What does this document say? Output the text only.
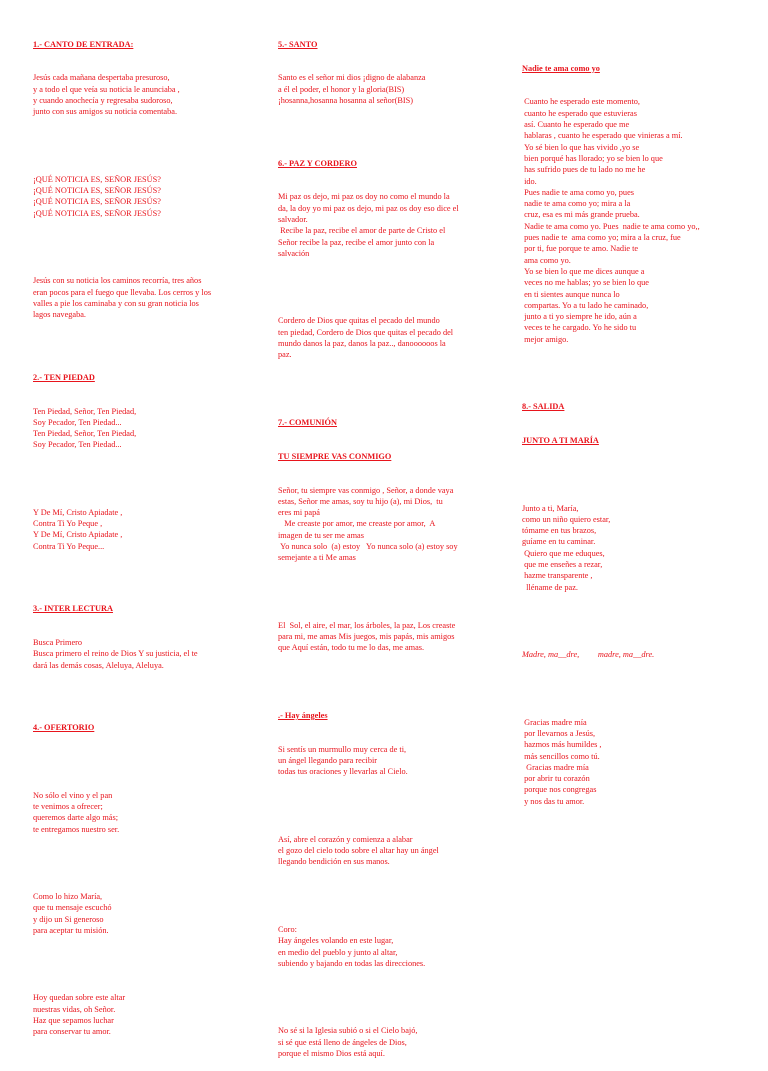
1.- CANTO DE ENTRADA:

Jesús cada mañana despertaba presuroso,
y a todo el que veía su noticia le anunciaba ,
y cuando anochecía y regresaba sudoroso,
junto con sus amigos su noticia comentaba.

¡QUÉ NOTICIA ES, SEÑOR JESÚS?
¡QUÉ NOTICIA ES, SEÑOR JESÚS?
¡QUÉ NOTICIA ES, SEÑOR JESÚS?
¡QUÉ NOTICIA ES, SEÑOR JESÚS?

Jesús con su noticia los caminos recorría, tres años
eran pocos para el fuego que llevaba. Los cerros y los
valles a pie los caminaba y con su gran noticia los
lagos navegaba.

2.- TEN PIEDAD

Ten Piedad, Señor, Ten Piedad,
Soy Pecador, Ten Piedad...
Ten Piedad, Señor, Ten Piedad,
Soy Pecador, Ten Piedad...

Y De Mí, Cristo Apiadate ,
Contra Ti Yo Peque ,
Y De Mí, Cristo Apiadate ,
Contra Ti Yo Peque...

3.- INTER LECTURA

Busca Primero
Busca primero el reino de Dios Y su justicia, el te
dará las demás cosas, Aleluya, Aleluya.

4.- OFERTORIO

No sólo el vino y el pan
te venimos a ofrecer;
queremos darte algo más;
te entregamos nuestro ser.

Como lo hizo María,
que tu mensaje escuchó
y dijo un Si generoso
para aceptar tu misión.

Hoy quedan sobre este altar
nuestras vidas, oh Señor.
Haz que sepamos luchar
para conservar tu amor.

5.- SANTO

Santo es el señor mi dios ¡digno de alabanza
a él el poder, el honor y la gloria(BIS)
¡hosanna,hosanna hosanna al señor(BIS)

6.- PAZ Y CORDERO

Mi paz os dejo, mi paz os doy no como el mundo la
da, la doy yo mi paz os dejo, mi paz os doy eso dice el
salvador.
Recibe la paz, recibe el amor de parte de Cristo el
Señor recibe la paz, recibe el amor junto con la
salvación

Cordero de Dios que quitas el pecado del mundo
ten piedad, Cordero de Dios que quitas el pecado del
mundo danos la paz, danos la paz.., danoooooos la
paz.

7.- COMUNIÓN

TU SIEMPRE VAS CONMIGO

Señor, tu siempre vas conmigo , Señor, a donde vaya
estas, Señor me amas, soy tu hijo (a), mi Dios,  tu
eres mi papá
Me creaste por amor, me creaste por amor,  A
imagen de tu ser me amas
Yo nunca solo  (a) estoy   Yo nunca solo (a) estoy soy
semejante a ti Me amas

El  Sol, el aire, el mar, los árboles, la paz, Los creaste
para mi, me amas Mis juegos, mis papás, mis amigos
que Aquí están, todo tu me lo das, me amas.

.- Hay ángeles

Si sentís un murmullo muy cerca de ti,
un ángel llegando para recibir
todas tus oraciones y llevarlas al Cielo.

Así, abre el corazón y comienza a alabar
el gozo del cielo todo sobre el altar hay un ángel
llegando bendición en sus manos.

Coro:
Hay ángeles volando en este lugar,
en medio del pueblo y junto al altar,
subiendo y bajando en todas las direcciones.

No sé si la Iglesia subió o si el Cielo bajó,
si sé que está lleno de ángeles de Dios,
porque el mismo Dios está aquí.

Nadie te ama como yo

Cuanto he esperado este momento,
cuanto he esperado que estuvieras
así. Cuanto he esperado que me
hablaras , cuanto he esperado que vinieras a mí.
Yo sé bien lo que has vivido ,yo se
bien porqué has llorado; yo se bien lo que
has sufrido pues de tu lado no me he
ido.
Pues nadie te ama como yo, pues
nadie te ama como yo; mira a la
cruz, esa es mi más grande prueba.
Nadie te ama como yo. Pues  nadie te ama como yo,,
pues nadie te  ama como yo; mira a la cruz, fue
por ti, fue porque te amo. Nadie te
ama como yo.
Yo se bien lo que me dices aunque a
veces no me hablas; yo se bien lo que
en ti sientes aunque nunca lo
compartas. Yo a tu lado he caminado,
junto a ti yo siempre he ido, aún a
veces te he cargado. Yo he sido tu
mejor amigo.

8.- SALIDA

JUNTO A TI MARÍA

Junto a ti, María,
como un niño quiero estar,
tómame en tus brazos,
guíame en tu caminar.
Quiero que me eduques,
que me enseñes a rezar,
hazme transparente ,
lléname de paz.

Madre, ma__dre,         madre, ma__dre.

Gracias madre mía
por llevarnos a Jesús,
hazmos más humildes ,
más sencillos como tú.
Gracias madre mía
por abrir tu corazón
porque nos congregas
y nos das tu amor.
